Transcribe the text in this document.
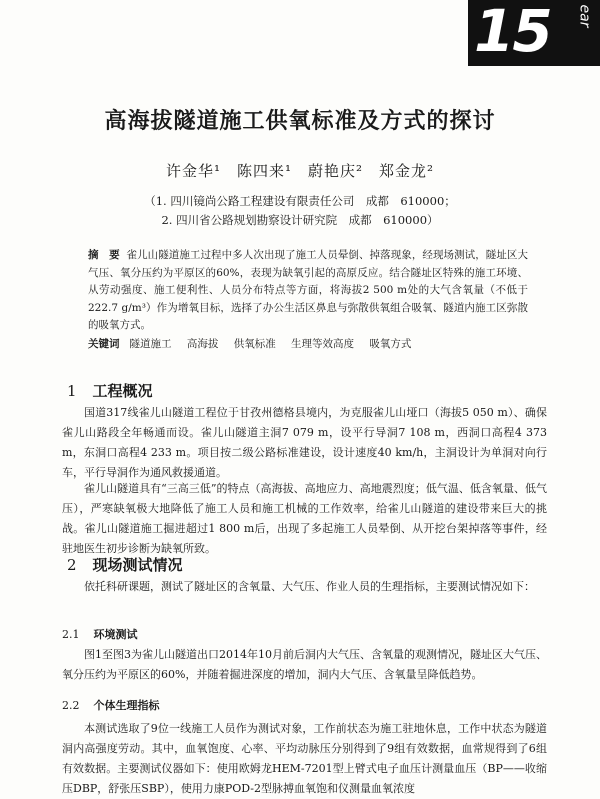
15 ear
高海拔隧道施工供氧标准及方式的探讨
许金华¹　陈四来¹　蔚艳庆²　郑金龙²
（1. 四川镜尚公路工程建设有限责任公司　成都　610000；
2. 四川省公路规划勘察设计研究院　成都　610000）
摘　要 雀儿山隧道施工过程中多人次出现了施工人员晕倒、掉落现象，经现场测试，隧址区大气压、氧分压约为平原区的60%，表现为缺氧引起的高原反应。结合隧址区特殊的施工环境、从劳动强度、施工便利性、人员分布特点等方面，将海拔2 500 m处的大气含氧量（不低于222.7 g/m³）作为增氧目标，选择了办公生活区鼻息与弥散供氧组合吸氧、隧道内施工区弥散的吸氧方式。
关键词 隧道施工 高海拔 供氧标准 生理等效高度 吸氧方式
1 工程概况
国道317线雀儿山隧道工程位于甘孜州德格县境内，为克服雀儿山垭口（海拔5 050 m）、确保雀儿山路段全年畅通而设。雀儿山隧道主洞7 079 m，设平行导洞7 108 m，西洞口高程4 373 m，东洞口高程4 233 m。项目按二级公路标准建设，设计速度40 km/h，主洞设计为单洞对向行车，平行导洞作为通风救援通道。
雀儿山隧道具有“三高三低”的特点（高海拔、高地应力、高地震烈度；低气温、低含氧量、低气压），严寒缺氧极大地降低了施工人员和施工机械的工作效率，给雀儿山隧道的建设带来巨大的挑战。雀儿山隧道施工掘进超过1 800 m后，出现了多起施工人员晕倒、从开挖台架掉落等事件，经驻地医生初步诊断为缺氧所致。
2 现场测试情况
依托科研课题，测试了隧址区的含氧量、大气压、作业人员的生理指标，主要测试情况如下：
2.1 环境测试
图1至图3为雀儿山隧道出口2014年10月前后洞内大气压、含氧量的观测情况，隧址区大气压、氧分压约为平原区的60%，并随着掘进深度的增加，洞内大气压、含氧量呈降低趋势。
2.2 个体生理指标
本测试选取了9位一线施工人员作为测试对象，工作前状态为施工驻地休息，工作中状态为隧道洞内高强度劳动。其中，血氧饱度、心率、平均动脉压分别得到了9组有效数据，血常规得到了6组有效数据。主要测试仪器如下：使用欧姆龙HEM-7201型上臂式电子血压计测量血压（BP——收缩压DBP，舒张压SBP），使用力康POD-2型脉搏血氧饱和仪测量血氧浓度
